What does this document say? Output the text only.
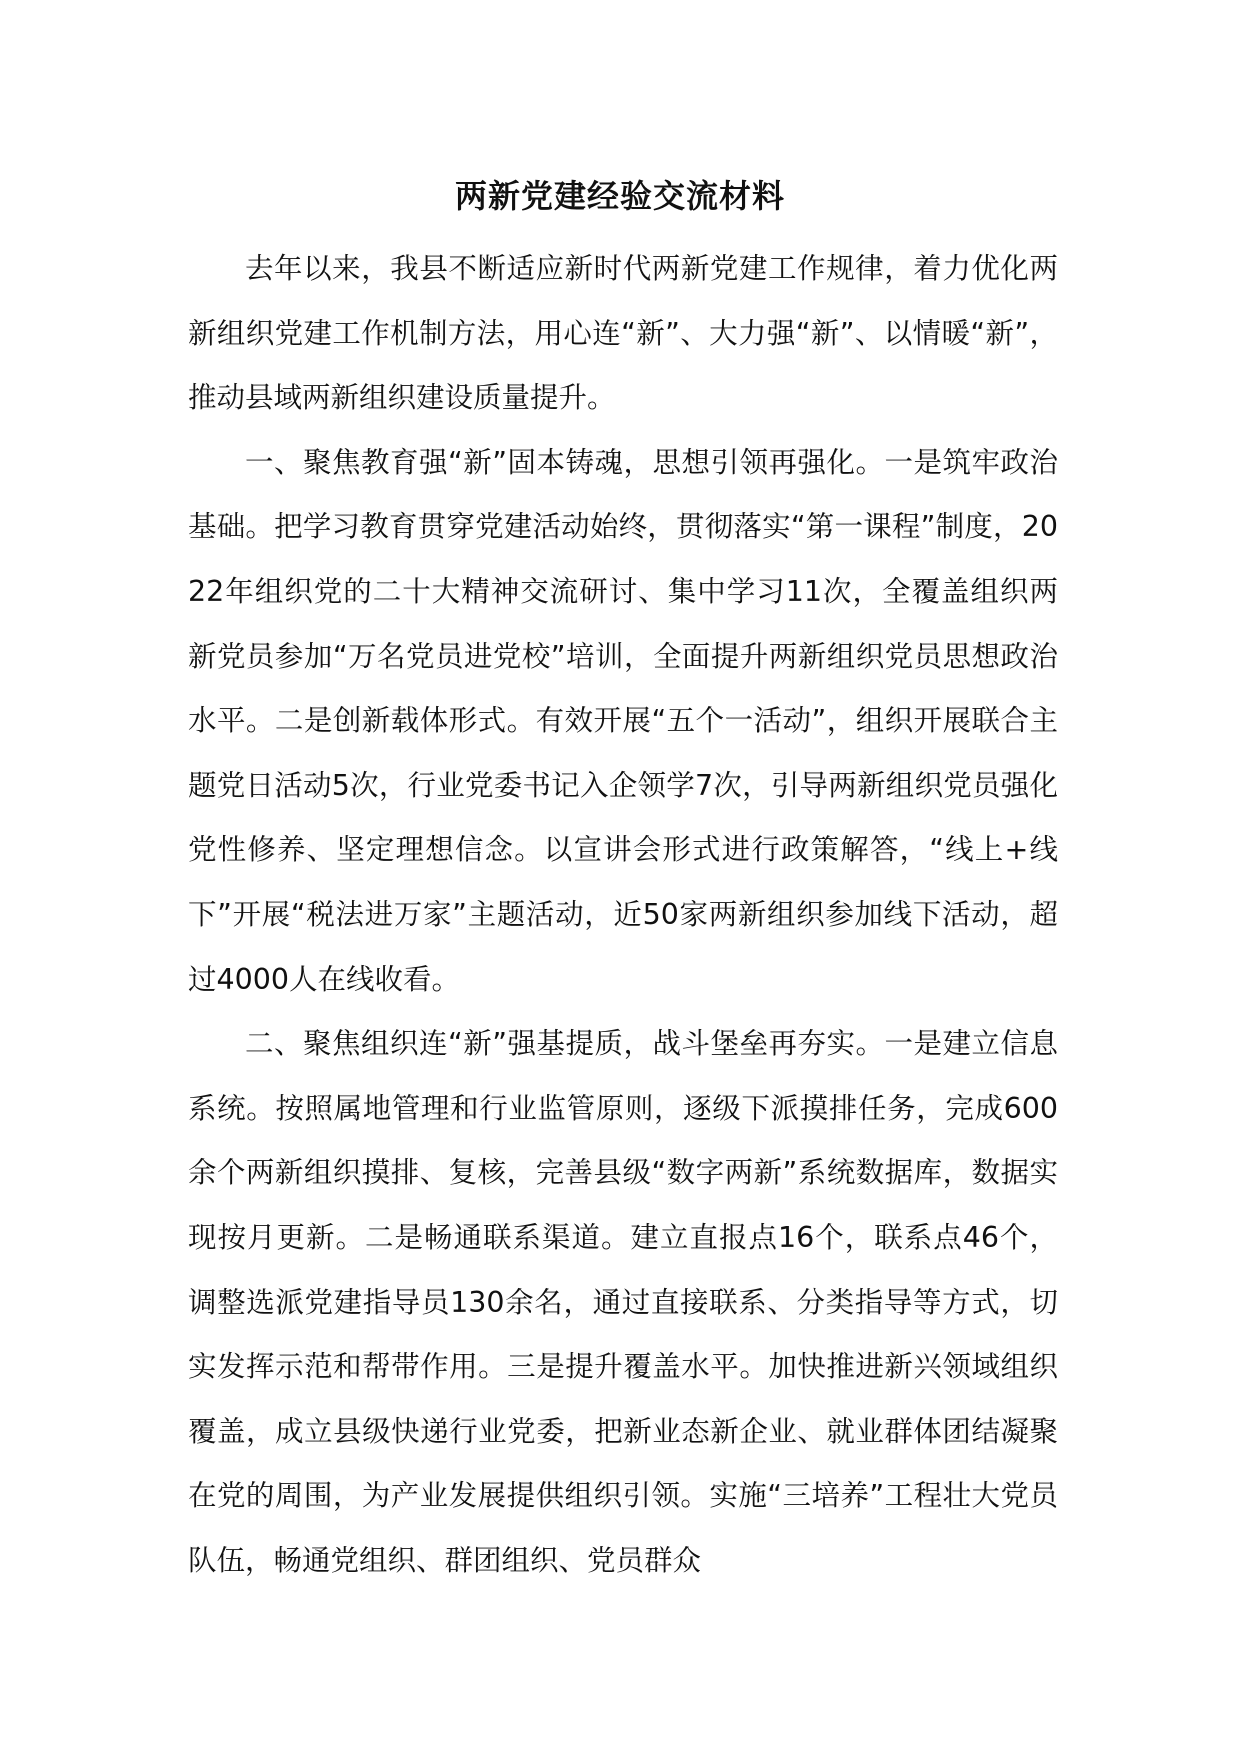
两新党建经验交流材料

去年以来，我县不断适应新时代两新党建工作规律，着力优化两新组织党建工作机制方法，用心连“新”、大力强“新”、以情暖“新”，推动县域两新组织建设质量提升。

一、聚焦教育强“新”固本铸魂，思想引领再强化。一是筑牢政治基础。把学习教育贯穿党建活动始终，贯彻落实“第一课程”制度，2022年组织党的二十大精神交流研讨、集中学习11次，全覆盖组织两新党员参加“万名党员进党校”培训，全面提升两新组织党员思想政治水平。二是创新载体形式。有效开展“五个一活动”，组织开展联合主题党日活动5次，行业党委书记入企领学7次，引导两新组织党员强化党性修养、坚定理想信念。以宣讲会形式进行政策解答，“线上+线下”开展“税法进万家”主题活动，近50家两新组织参加线下活动，超过4000人在线收看。

二、聚焦组织连“新”强基提质，战斗堡垒再夯实。一是建立信息系统。按照属地管理和行业监管原则，逐级下派摸排任务，完成600余个两新组织摸排、复核，完善县级“数字两新”系统数据库，数据实现按月更新。二是畅通联系渠道。建立直报点16个，联系点46个，调整选派党建指导员130余名，通过直接联系、分类指导等方式，切实发挥示范和帮带作用。三是提升覆盖水平。加快推进新兴领域组织覆盖，成立县级快递行业党委，把新业态新企业、就业群体团结凝聚在党的周围，为产业发展提供组织引领。实施“三培养”工程壮大党员队伍，畅通党组织、群团组织、党员群众
